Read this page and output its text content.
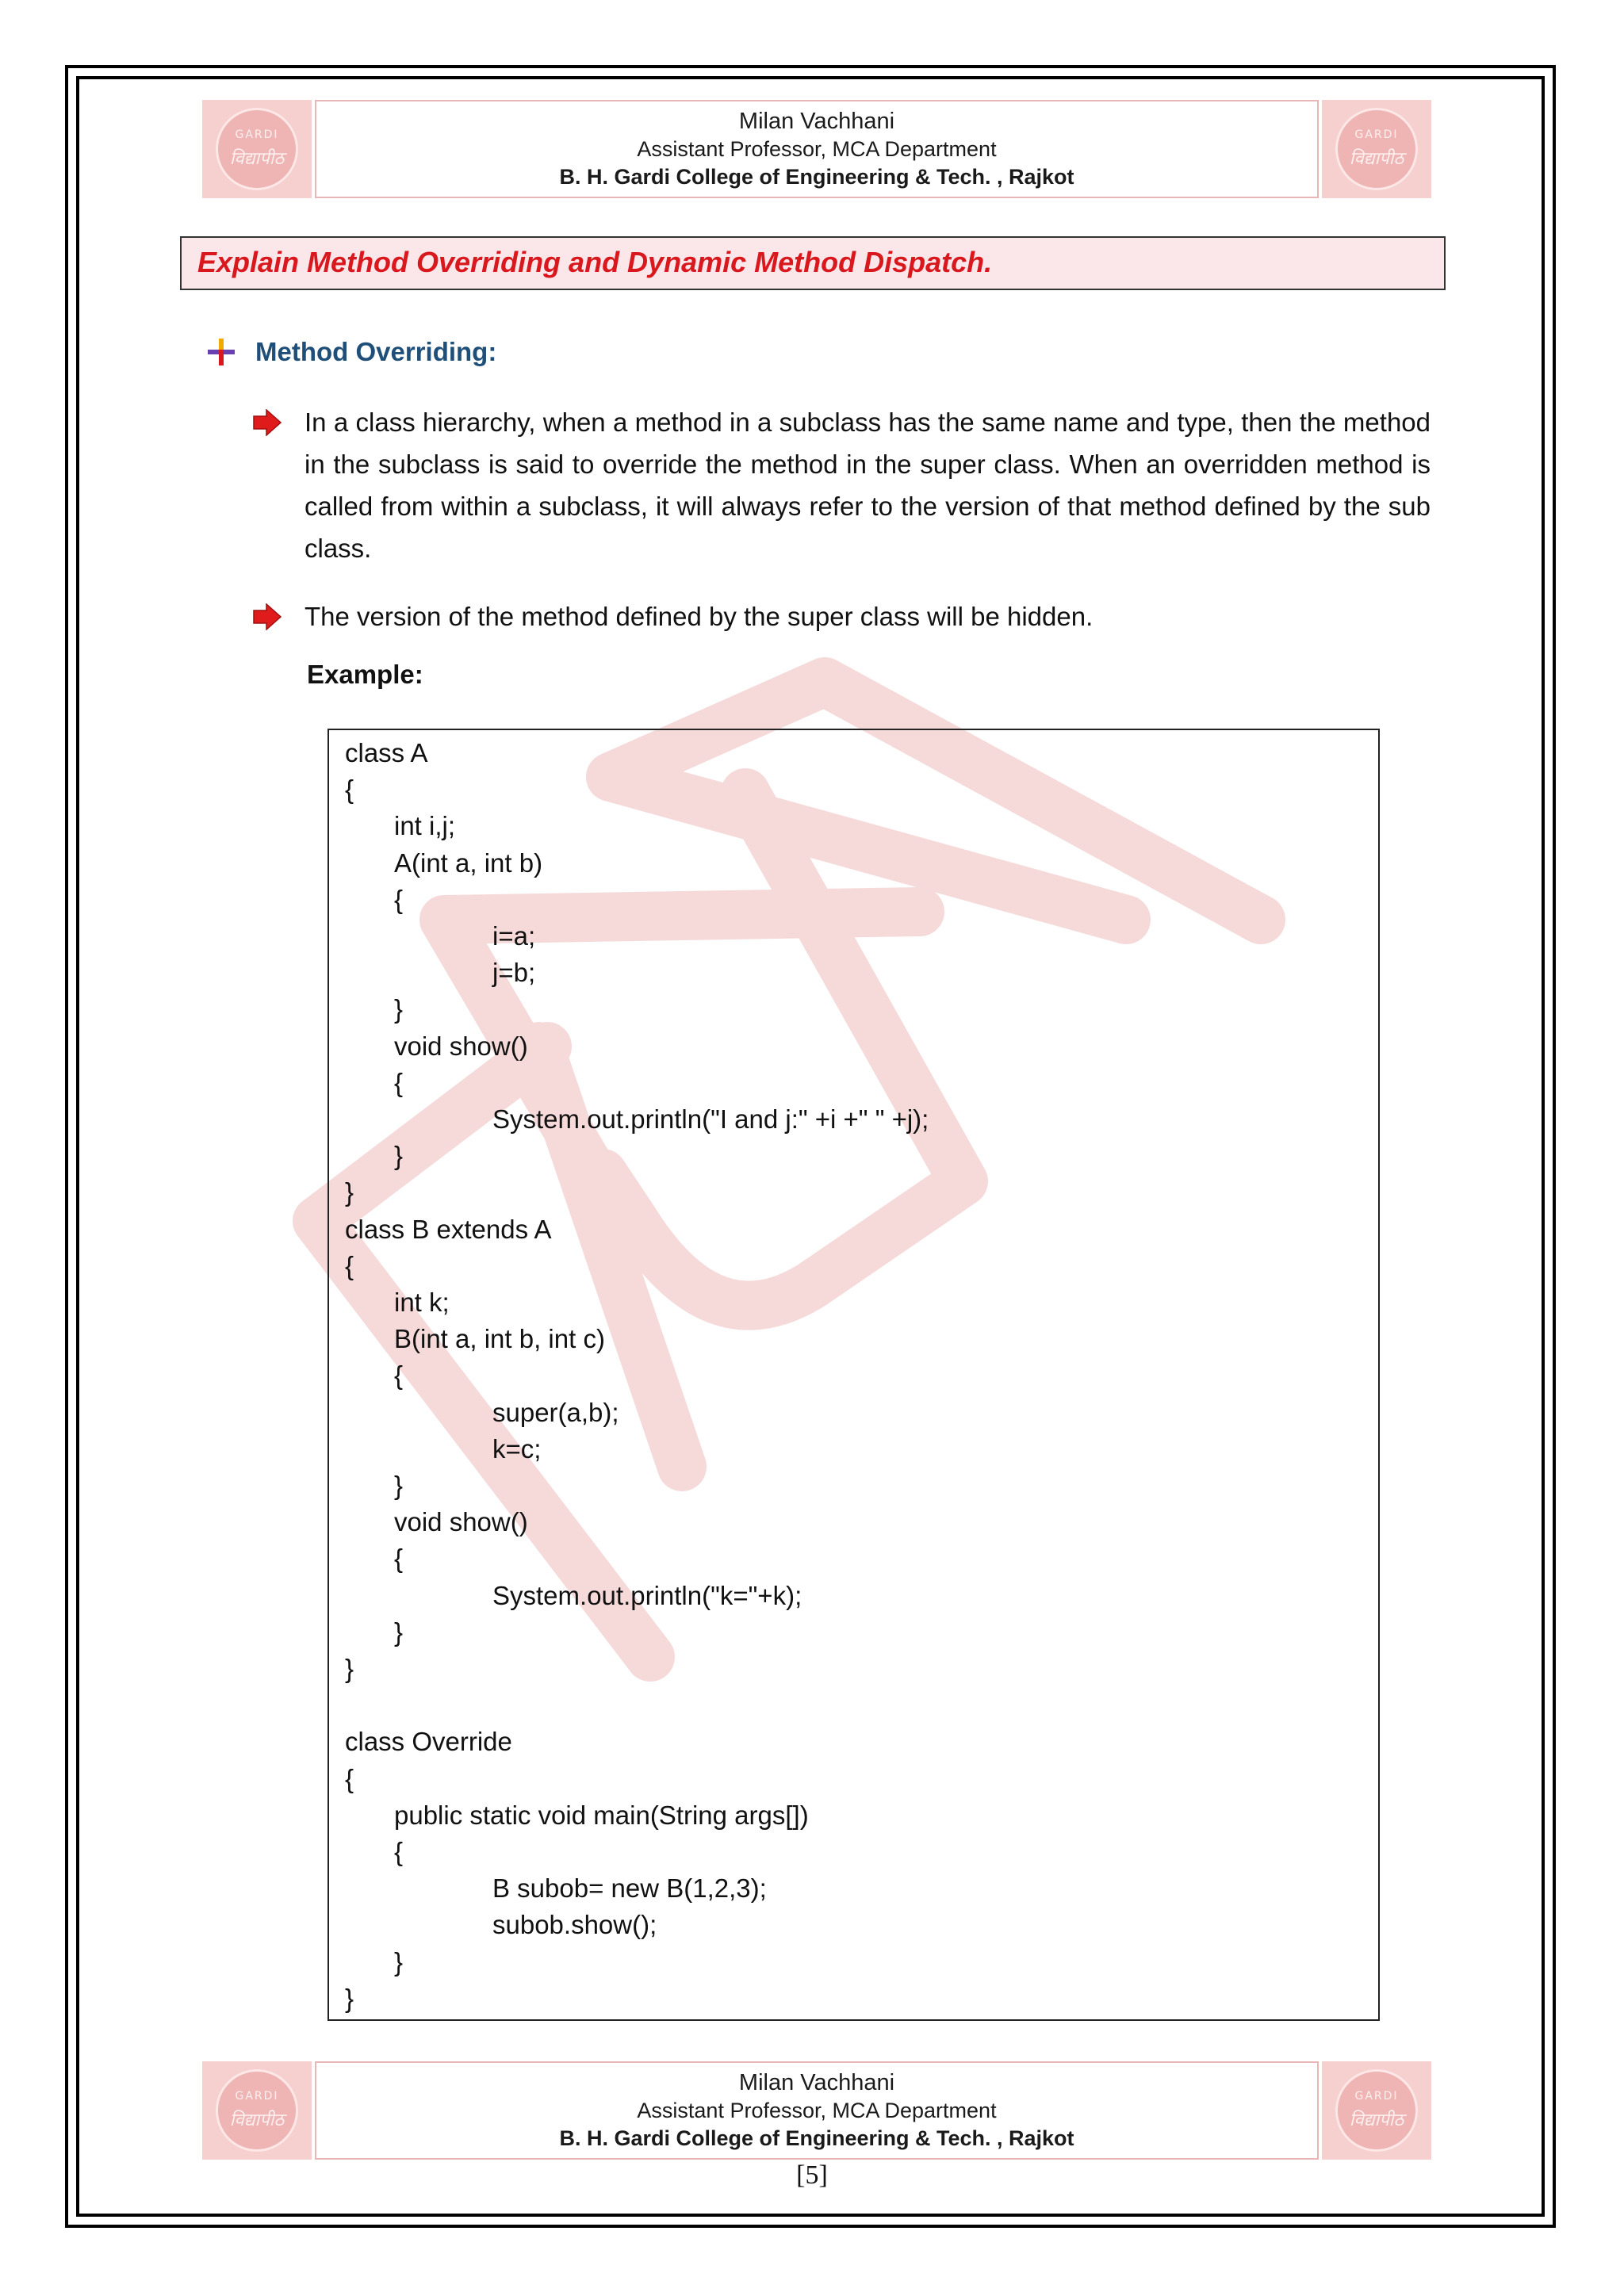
GARDI
विद्यापीठ
Milan Vachhani
Assistant Professor, MCA Department
B. H. Gardi College of Engineering & Tech. , Rajkot
GARDI
विद्यापीठ
Explain Method Overriding and Dynamic Method Dispatch.
Method Overriding:
In a class hierarchy, when a method in a subclass has the same name and type, then the method in the subclass is said to override the method in the super class. When an overridden method is called from within a subclass, it will always refer to the version of that method defined by the sub class.
The version of the method defined by the super class will be hidden.
Example:
class A
{
int i,j;
A(int a, int b)
{
i=a;
j=b;
}
void show()
{
System.out.println("I and j:" +i +" " +j);
}
}
class B extends A
{
int k;
B(int a, int b, int c)
{
super(a,b);
k=c;
}
void show()
{
System.out.println("k="+k);
}
}
class Override
{
public static void main(String args[])
{
B subob= new B(1,2,3);
subob.show();
}
}
GARDI
विद्यापीठ
Milan Vachhani
Assistant Professor, MCA Department
B. H. Gardi College of Engineering & Tech. , Rajkot
GARDI
विद्यापीठ
[5]
